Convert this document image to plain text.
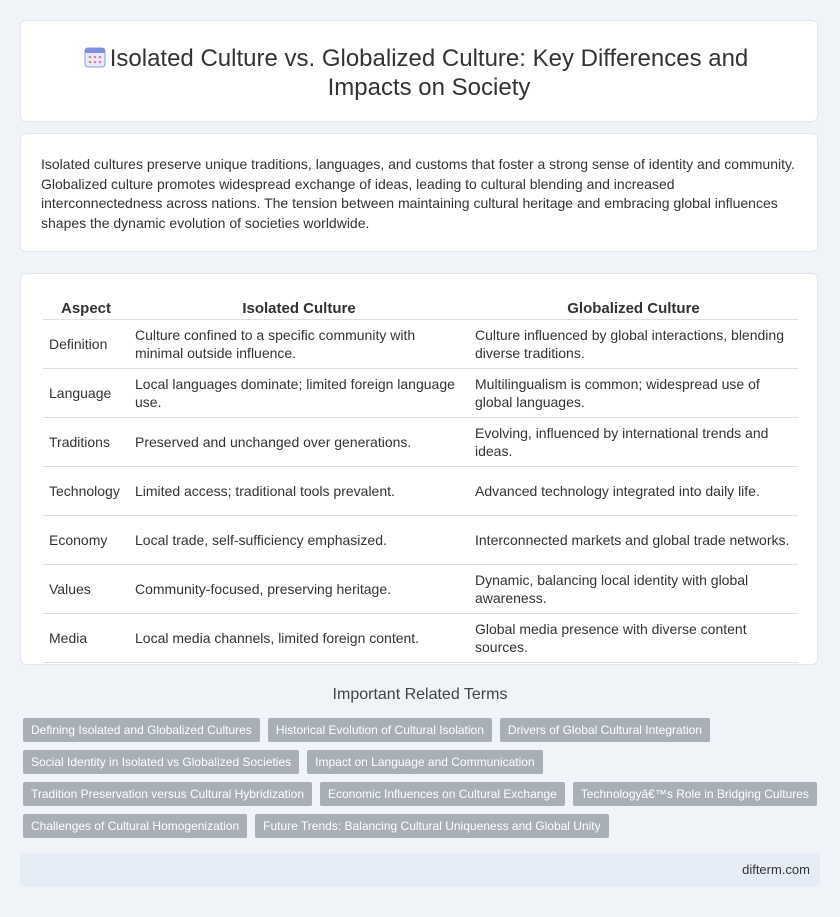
Isolated Culture vs. Globalized Culture: Key Differences and Impacts on Society
Isolated cultures preserve unique traditions, languages, and customs that foster a strong sense of identity and community. Globalized culture promotes widespread exchange of ideas, leading to cultural blending and increased interconnectedness across nations. The tension between maintaining cultural heritage and embracing global influences shapes the dynamic evolution of societies worldwide.
Aspect	Isolated Culture	Globalized Culture
Definition	Culture confined to a specific community with minimal outside influence.	Culture influenced by global interactions, blending diverse traditions.
Language	Local languages dominate; limited foreign language use.	Multilingualism is common; widespread use of global languages.
Traditions	Preserved and unchanged over generations.	Evolving, influenced by international trends and ideas.
Technology	Limited access; traditional tools prevalent.	Advanced technology integrated into daily life.
Economy	Local trade, self-sufficiency emphasized.	Interconnected markets and global trade networks.
Values	Community-focused, preserving heritage.	Dynamic, balancing local identity with global awareness.
Media	Local media channels, limited foreign content.	Global media presence with diverse content sources.
Important Related Terms
Defining Isolated and Globalized Cultures	Historical Evolution of Cultural Isolation	Drivers of Global Cultural Integration
Social Identity in Isolated vs Globalized Societies	Impact on Language and Communication
Tradition Preservation versus Cultural Hybridization	Economic Influences on Cultural Exchange	Technologyâ€™s Role in Bridging Cultures
Challenges of Cultural Homogenization	Future Trends: Balancing Cultural Uniqueness and Global Unity
difterm.com
